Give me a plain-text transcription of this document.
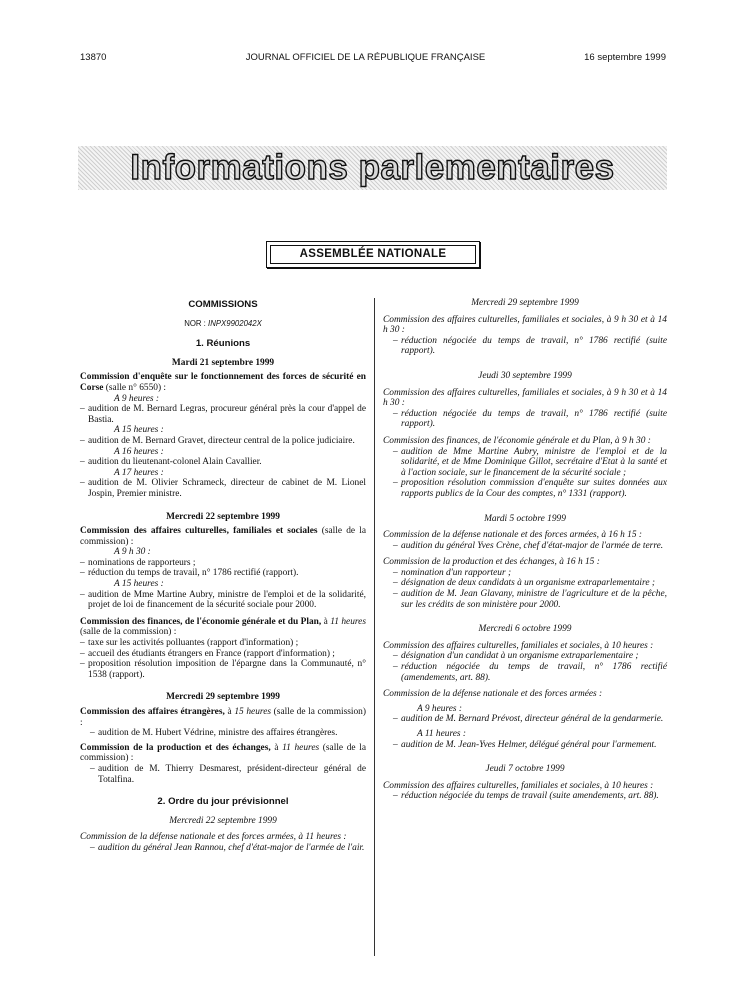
13870	JOURNAL OFFICIEL DE LA RÉPUBLIQUE FRANÇAISE	16 septembre 1999
Informations parlementaires
ASSEMBLÉE NATIONALE
COMMISSIONS
NOR : INPX9902042X
1. Réunions
Mardi 21 septembre 1999
Commission d'enquête sur le fonctionnement des forces de sécurité en Corse (salle n° 6550) :
A 9 heures :
– audition de M. Bernard Legras, procureur général près la cour d'appel de Bastia.
A 15 heures :
– audition de M. Bernard Gravet, directeur central de la police judiciaire.
A 16 heures :
– audition du lieutenant-colonel Alain Cavallier.
A 17 heures :
– audition de M. Olivier Schrameck, directeur de cabinet de M. Lionel Jospin, Premier ministre.
Mercredi 22 septembre 1999
Commission des affaires culturelles, familiales et sociales (salle de la commission) :
A 9 h 30 :
– nominations de rapporteurs ;
– réduction du temps de travail, n° 1786 rectifié (rapport).
A 15 heures :
– audition de Mme Martine Aubry, ministre de l'emploi et de la solidarité, projet de loi de financement de la sécurité sociale pour 2000.
Commission des finances, de l'économie générale et du Plan, à 11 heures (salle de la commission) :
– taxe sur les activités polluantes (rapport d'information) ;
– accueil des étudiants étrangers en France (rapport d'information) ;
– proposition résolution imposition de l'épargne dans la Communauté, n° 1538 (rapport).
Mercredi 29 septembre 1999
Commission des affaires étrangères, à 15 heures (salle de la commission) :
– audition de M. Hubert Védrine, ministre des affaires étrangères.
Commission de la production et des échanges, à 11 heures (salle de la commission) :
– audition de M. Thierry Desmarest, président-directeur général de Totalfina.
2. Ordre du jour prévisionnel
Mercredi 22 septembre 1999
Commission de la défense nationale et des forces armées, à 11 heures :
– audition du général Jean Rannou, chef d'état-major de l'armée de l'air.
Mercredi 29 septembre 1999
Commission des affaires culturelles, familiales et sociales, à 9 h 30 et à 14 h 30 :
– réduction négociée du temps de travail, n° 1786 rectifié (suite rapport).
Jeudi 30 septembre 1999
Commission des affaires culturelles, familiales et sociales, à 9 h 30 et à 14 h 30 :
– réduction négociée du temps de travail, n° 1786 rectifié (suite rapport).
Commission des finances, de l'économie générale et du Plan, à 9 h 30 :
– audition de Mme Martine Aubry, ministre de l'emploi et de la solidarité, et de Mme Dominique Gillot, secrétaire d'Etat à la santé et à l'action sociale, sur le financement de la sécurité sociale ;
– proposition résolution commission d'enquête sur suites données aux rapports publics de la Cour des comptes, n° 1331 (rapport).
Mardi 5 octobre 1999
Commission de la défense nationale et des forces armées, à 16 h 15 :
– audition du général Yves Crène, chef d'état-major de l'armée de terre.
Commission de la production et des échanges, à 16 h 15 :
– nomination d'un rapporteur ;
– désignation de deux candidats à un organisme extraparlementaire ;
– audition de M. Jean Glavany, ministre de l'agriculture et de la pêche, sur les crédits de son ministère pour 2000.
Mercredi 6 octobre 1999
Commission des affaires culturelles, familiales et sociales, à 10 heures :
– désignation d'un candidat à un organisme extraparlementaire ;
– réduction négociée du temps de travail, n° 1786 rectifié (amendements, art. 88).
Commission de la défense nationale et des forces armées :
A 9 heures :
– audition de M. Bernard Prévost, directeur général de la gendarmerie.
A 11 heures :
– audition de M. Jean-Yves Helmer, délégué général pour l'armement.
Jeudi 7 octobre 1999
Commission des affaires culturelles, familiales et sociales, à 10 heures :
– réduction négociée du temps de travail (suite amendements, art. 88).
